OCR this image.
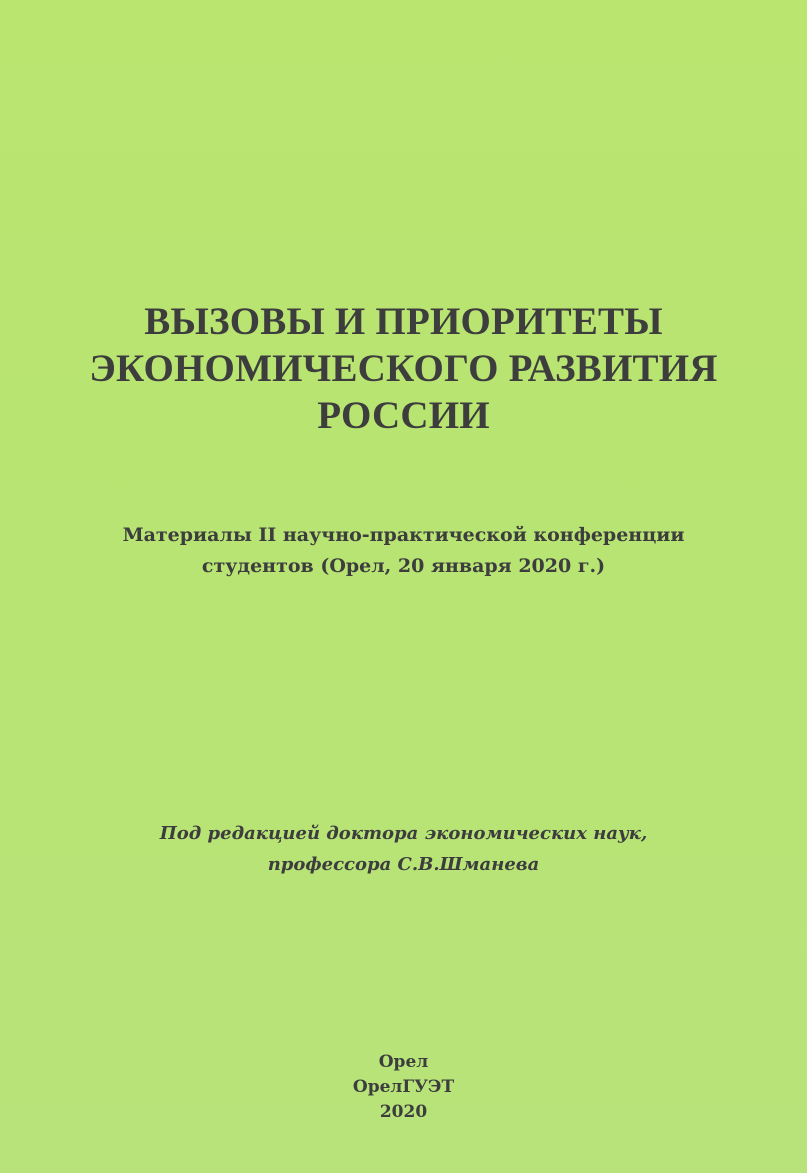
ВЫЗОВЫ И ПРИОРИТЕТЫ
ЭКОНОМИЧЕСКОГО РАЗВИТИЯ
РОССИИ
Материалы II научно-практической конференции
студентов (Орел, 20 января 2020 г.)
Под редакцией доктора экономических наук,
профессора С.В.Шманева
Орел
ОрелГУЭТ
2020
